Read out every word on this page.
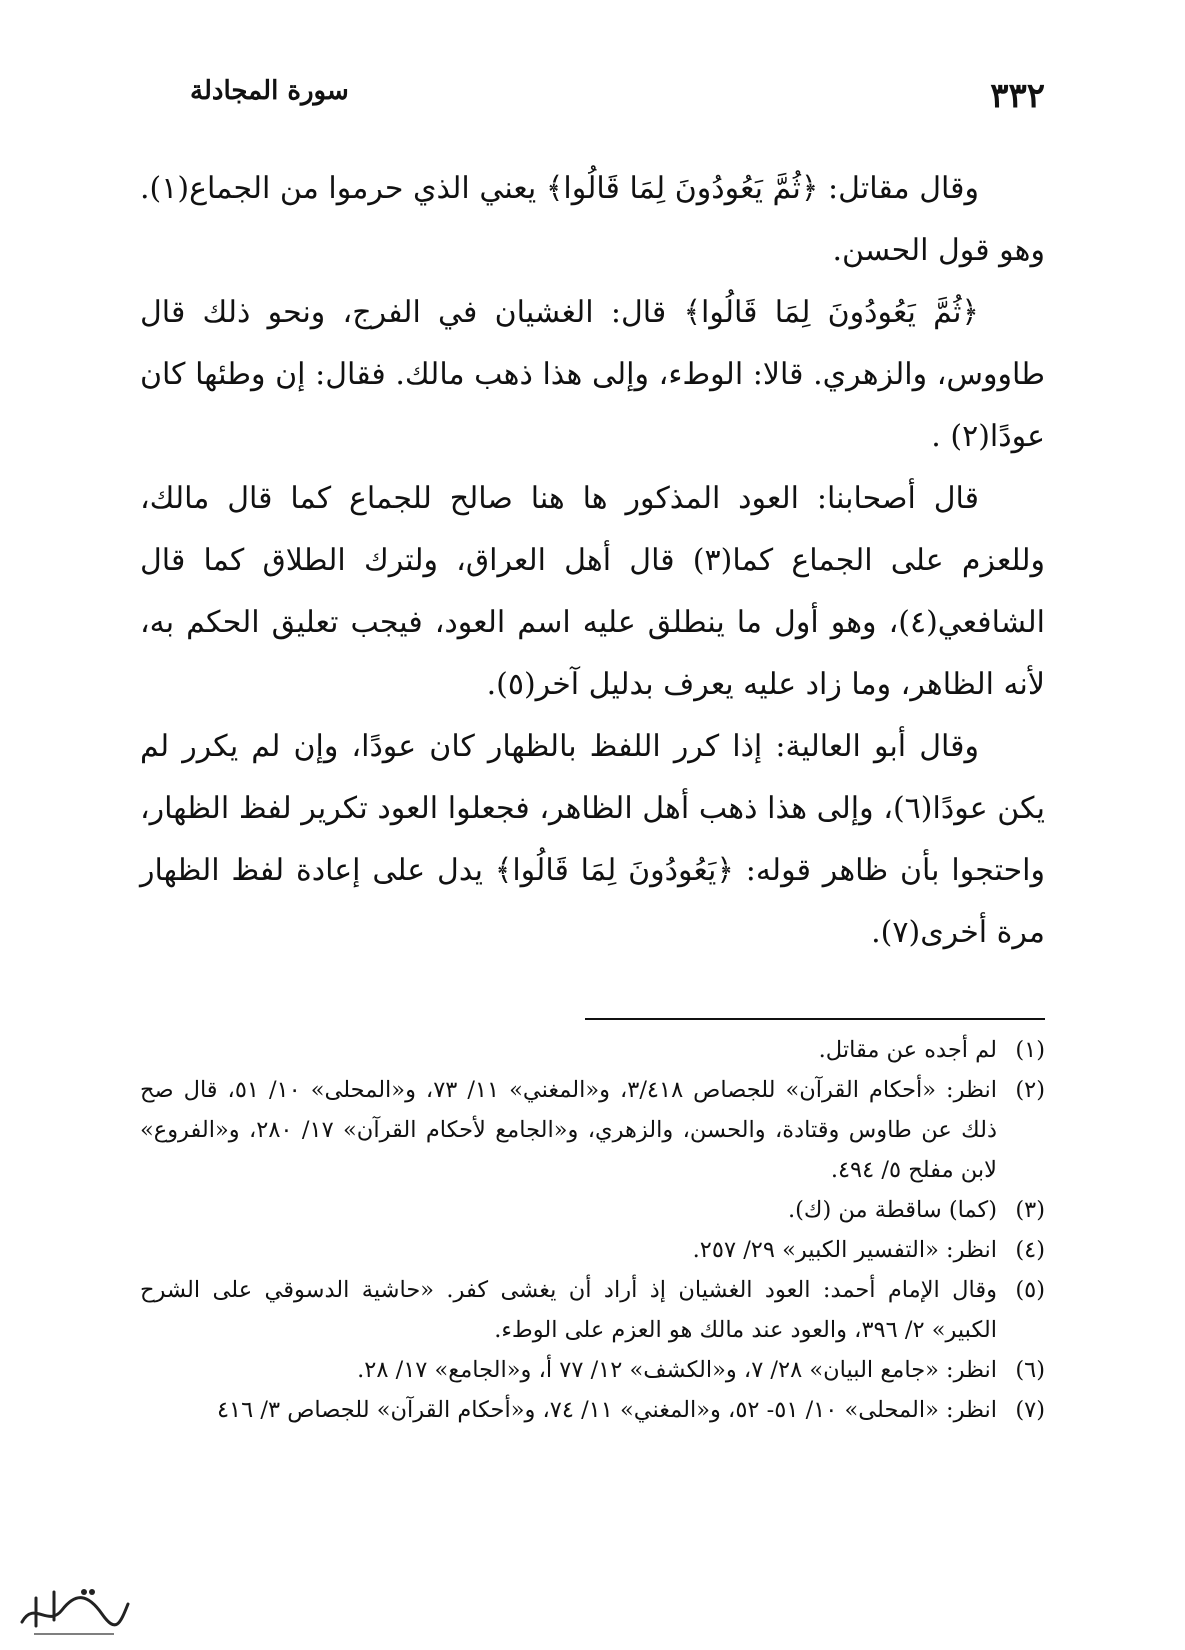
٣٣٢
سورة المجادلة

وقال مقاتل: ﴿ثُمَّ يَعُودُونَ لِمَا قَالُوا﴾ يعني الذي حرموا من الجماع(١). وهو قول الحسن.

﴿ثُمَّ يَعُودُونَ لِمَا قَالُوا﴾ قال: الغشيان في الفرج، ونحو ذلك قال طاووس، والزهري. قالا: الوطء، وإلى هذا ذهب مالك. فقال: إن وطئها كان عودًا(٢) .

قال أصحابنا: العود المذكور ها هنا صالح للجماع كما قال مالك، وللعزم على الجماع كما(٣) قال أهل العراق، ولترك الطلاق كما قال الشافعي(٤)، وهو أول ما ينطلق عليه اسم العود، فيجب تعليق الحكم به، لأنه الظاهر، وما زاد عليه يعرف بدليل آخر(٥).

وقال أبو العالية: إذا كرر اللفظ بالظهار كان عودًا، وإن لم يكرر لم يكن عودًا(٦)، وإلى هذا ذهب أهل الظاهر، فجعلوا العود تكرير لفظ الظهار، واحتجوا بأن ظاهر قوله: ﴿يَعُودُونَ لِمَا قَالُوا﴾ يدل على إعادة لفظ الظهار مرة أخرى(٧).

(١)
لم أجده عن مقاتل.
(٢)
انظر: «أحكام القرآن» للجصاص ٣/٤١٨، و«المغني» ١١/ ٧٣، و«المحلى» ١٠/ ٥١، قال صح ذلك عن طاوس وقتادة، والحسن، والزهري، و«الجامع لأحكام القرآن» ١٧/ ٢٨٠، و«الفروع» لابن مفلح ٥/ ٤٩٤.
(٣)
(كما) ساقطة من (ك).
(٤)
انظر: «التفسير الكبير» ٢٩/ ٢٥٧.
(٥)
وقال الإمام أحمد: العود الغشيان إذ أراد أن يغشى كفر. «حاشية الدسوقي على الشرح الكبير» ٢/ ٣٩٦، والعود عند مالك هو العزم على الوطء.
(٦)
انظر: «جامع البيان» ٢٨/ ٧، و«الكشف» ١٢/ ٧٧ أ، و«الجامع» ١٧/ ٢٨.
(٧)
انظر: «المحلى» ١٠/ ٥١- ٥٢، و«المغني» ١١/ ٧٤، و«أحكام القرآن» للجصاص ٣/ ٤١٦
